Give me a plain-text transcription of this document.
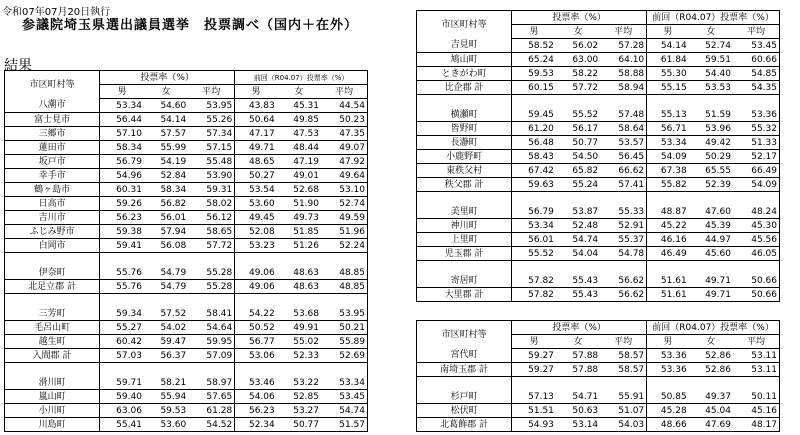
令和07年07月20日執行
参議院埼玉県選出議員選挙　投票調べ（国内＋在外）
結果
市区町村等	投票率（%）			前回（R04.07）投票率（%）		
	男	女	平均	男	女	平均
八潮市	53.34	54.60	53.95	43.83	45.31	44.54
富士見市	56.44	54.14	55.26	50.64	49.85	50.23
三郷市	57.10	57.57	57.34	47.17	47.53	47.35
蓮田市	58.34	55.99	57.15	49.71	48.44	49.07
坂戸市	56.79	54.19	55.48	48.65	47.19	47.92
幸手市	54.96	52.84	53.90	50.27	49.01	49.64
鶴ヶ島市	60.31	58.34	59.31	53.54	52.68	53.10
日高市	59.26	56.82	58.02	53.60	51.90	52.74
吉川市	56.23	56.01	56.12	49.45	49.73	49.59
ふじみ野市	59.38	57.94	58.65	52.08	51.85	51.96
白岡市	59.41	56.08	57.72	53.23	51.26	52.24

伊奈町	55.76	54.79	55.28	49.06	48.63	48.85
北足立郡 計	55.76	54.79	55.28	49.06	48.63	48.85

三芳町	59.34	57.52	58.41	54.22	53.68	53.95
毛呂山町	55.27	54.02	54.64	50.52	49.91	50.21
越生町	60.42	59.47	59.95	56.77	55.02	55.89
入間郡 計	57.03	56.37	57.09	53.06	52.33	52.69

滑川町	59.71	58.21	58.97	53.46	53.22	53.34
嵐山町	59.40	55.94	57.65	54.06	52.85	53.45
小川町	63.06	59.53	61.28	56.23	53.27	54.74
川島町	55.41	53.60	54.52	52.34	50.77	51.57
市区町村等	投票率（%）			前回（R04.07）投票率（%）		
	男	女	平均	男	女	平均
吉見町	58.52	56.02	57.28	54.14	52.74	53.45
鳩山町	65.24	63.00	64.10	61.84	59.51	60.66
ときがわ町	59.53	58.22	58.88	55.30	54.40	54.85
比企郡 計	60.15	57.72	58.94	55.15	53.53	54.35

横瀬町	59.45	55.52	57.48	55.13	51.59	53.36
皆野町	61.20	56.17	58.64	56.71	53.96	55.32
長瀞町	56.48	50.77	53.57	53.34	49.42	51.33
小鹿野町	58.43	54.50	56.45	54.09	50.29	52.17
東秩父村	67.42	65.82	66.62	67.38	65.55	66.49
秩父郡 計	59.63	55.24	57.41	55.82	52.39	54.09

美里町	56.79	53.87	55.33	48.87	47.60	48.24
神川町	53.34	52.48	52.91	45.22	45.39	45.30
上里町	56.01	54.74	55.37	46.16	44.97	45.56
児玉郡 計	55.52	54.04	54.78	46.49	45.60	46.05

寄居町	57.82	55.43	56.62	51.61	49.71	50.66
大里郡 計	57.82	55.43	56.62	51.61	49.71	50.66
市区町村等	投票率（%）			前回（R04.07）投票率（%）		
	男	女	平均	男	女	平均
宮代町	59.27	57.88	58.57	53.36	52.86	53.11
南埼玉郡 計	59.27	57.88	58.57	53.36	52.86	53.11

杉戸町	57.13	54.71	55.91	50.85	49.37	50.11
松伏町	51.51	50.63	51.07	45.28	45.04	45.16
北葛飾郡 計	54.93	53.14	54.03	48.66	47.69	48.17
